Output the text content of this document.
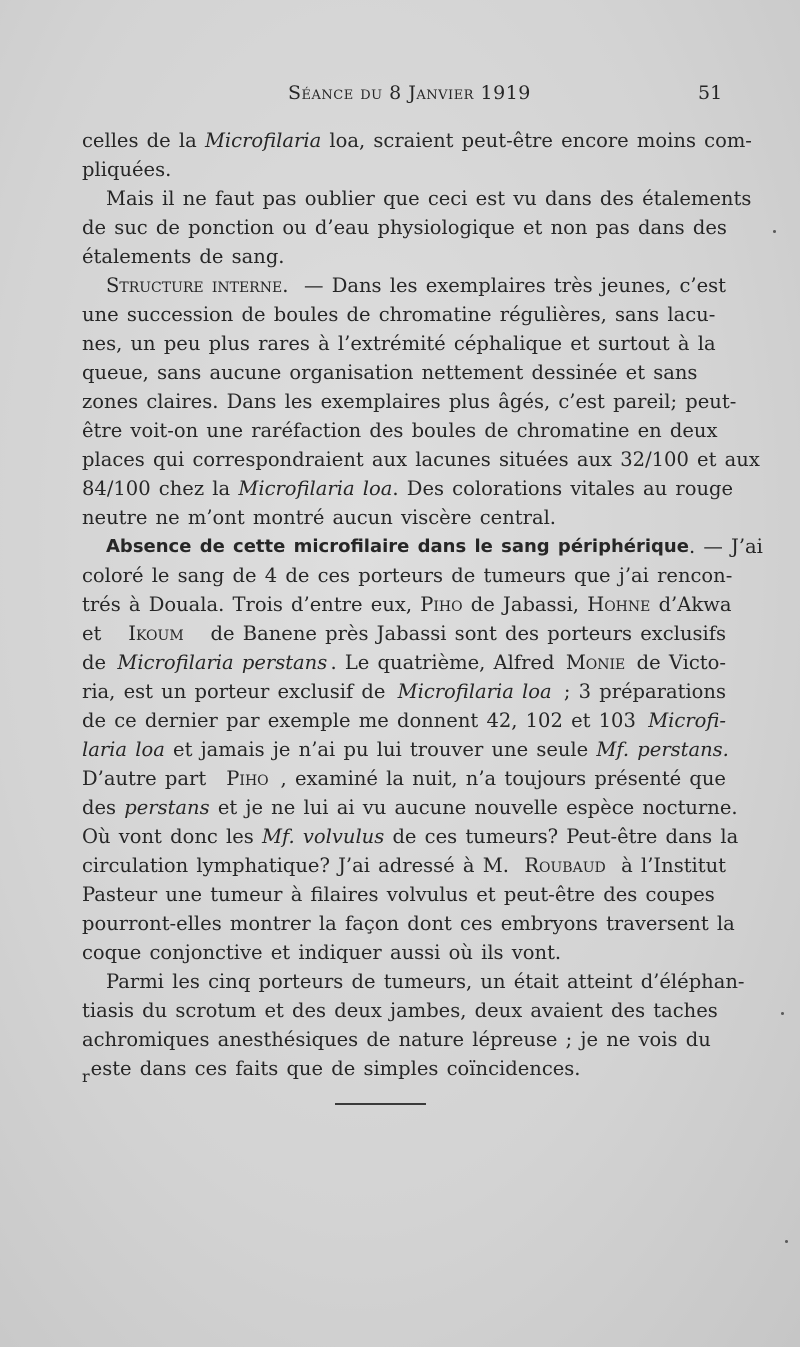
Séance du 8 Janvier 1919	51
celles de la Microfilaria loa, scraient peut-être encore moins com-
pliquées.
Mais il ne faut pas oublier que ceci est vu dans des étalements
de suc de ponction ou d’eau physiologique et non pas dans des
étalements de sang.
Structure interne. — Dans les exemplaires très jeunes, c’est
une succession de boules de chromatine régulières, sans lacu-
nes, un peu plus rares à l’extrémité céphalique et surtout à la
queue, sans aucune organisation nettement dessinée et sans
zones claires. Dans les exemplaires plus âgés, c’est pareil; peut-
être voit-on une raréfaction des boules de chromatine en deux
places qui correspondraient aux lacunes situées aux 32/100 et aux
84/100 chez la Microfilaria loa . Des colorations vitales au rouge
neutre ne m’ont montré aucun viscère central.
Absence de cette microfilaire dans le sang périphérique . — J’ai
coloré le sang de 4 de ces porteurs de tumeurs que j’ai rencon-
trés à Douala. Trois d’entre eux, Piho de Jabassi, Hohne d’Akwa
et Ikoum de Banene près Jabassi sont des porteurs exclusifs
de Microfilaria perstans . Le quatrième, Alfred Monie de Victo-
ria, est un porteur exclusif de Microfilaria loa ; 3 préparations
de ce dernier par exemple me donnent 42, 102 et 103 Microfi-
laria loa et jamais je n’ai pu lui trouver une seule Mf. perstans.
D’autre part Piho , examiné la nuit, n’a toujours présenté que
des perstans et je ne lui ai vu aucune nouvelle espèce nocturne.
Où vont donc les Mf. volvulus de ces tumeurs? Peut-être dans la
circulation lymphatique? J’ai adressé à M. Roubaud à l’Institut
Pasteur une tumeur à filaires volvulus et peut-être des coupes
pourront-elles montrer la façon dont ces embryons traversent la
coque conjonctive et indiquer aussi où ils vont.
Parmi les cinq porteurs de tumeurs, un était atteint d’éléphan-
tiasis du scrotum et des deux jambes, deux avaient des taches
achromiques anesthésiques de nature lépreuse ; je ne vois du
r este dans ces faits que de simples coïncidences.
